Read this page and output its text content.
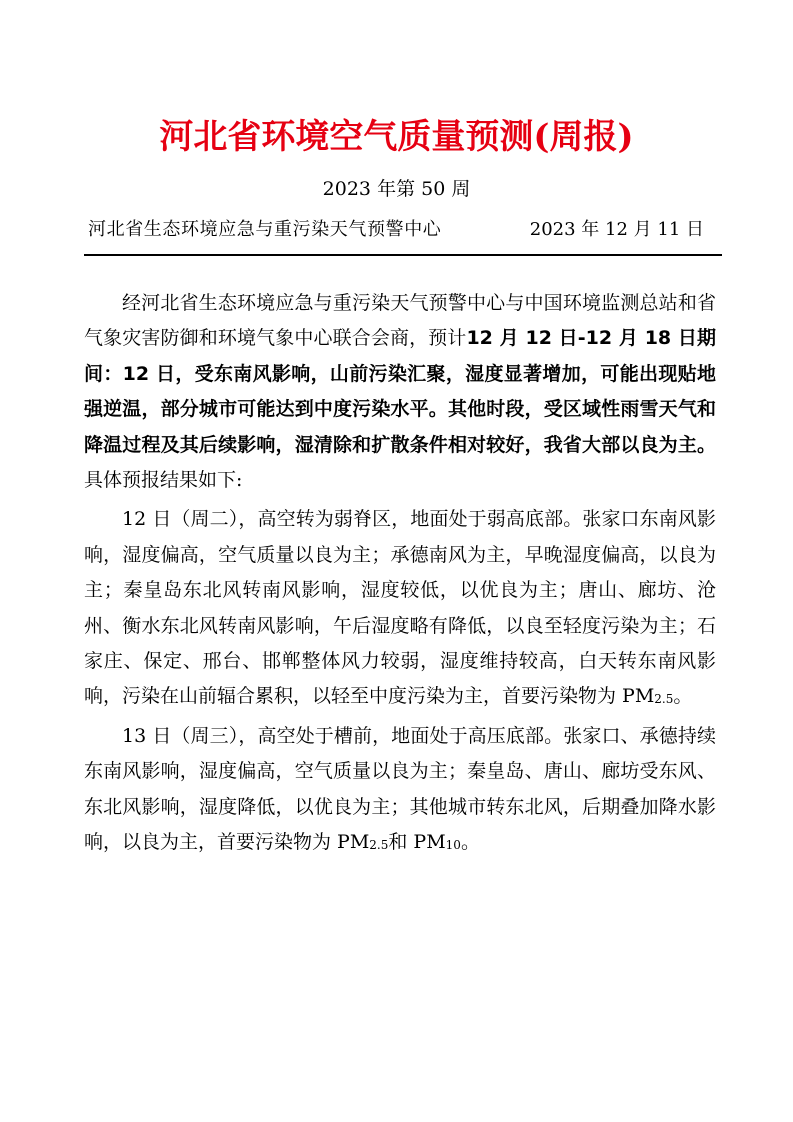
河北省环境空气质量预测(周报)
2023 年第 50 周
河北省生态环境应急与重污染天气预警中心	2023 年 12 月 11 日

经河北省生态环境应急与重污染天气预警中心与中国环境监测总站和省气象灾害防御和环境气象中心联合会商，预计12 月 12 日-12 月 18 日期间：12 日，受东南风影响，山前污染汇聚，湿度显著增加，可能出现贴地强逆温，部分城市可能达到中度污染水平。其他时段，受区域性雨雪天气和降温过程及其后续影响，湿清除和扩散条件相对较好，我省大部以良为主。具体预报结果如下:

12 日（周二），高空转为弱脊区，地面处于弱高底部。张家口东南风影响，湿度偏高，空气质量以良为主；承德南风为主，早晚湿度偏高，以良为主；秦皇岛东北风转南风影响，湿度较低，以优良为主；唐山、廊坊、沧州、衡水东北风转南风影响，午后湿度略有降低，以良至轻度污染为主；石家庄、保定、邢台、邯郸整体风力较弱，湿度维持较高，白天转东南风影响，污染在山前辐合累积，以轻至中度污染为主，首要污染物为 $PM_{2.5}$。

13 日（周三），高空处于槽前，地面处于高压底部。张家口、承德持续东南风影响，湿度偏高，空气质量以良为主；秦皇岛、唐山、廊坊受东风、东北风影响，湿度降低，以优良为主；其他城市转东北风，后期叠加降水影响，以良为主，首要污染物为 $PM_{2.5}$和 $PM_{10}$。
